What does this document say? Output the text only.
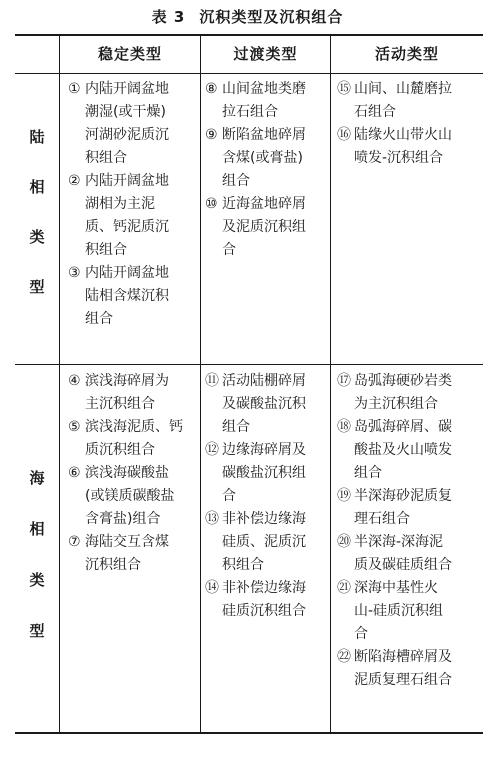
表 3 沉积类型及沉积组合
稳定类型	过渡类型	活动类型
陆
相
类
型
海
相
类
型
① 内陆开阔盆地
潮湿(或干燥)
河湖砂泥质沉
积组合
② 内陆开阔盆地
湖相为主泥
质、钙泥质沉
积组合
③ 内陆开阔盆地
陆相含煤沉积
组合
⑧ 山间盆地类磨
拉石组合
⑨ 断陷盆地碎屑
含煤(或膏盐)
组合
⑩ 近海盆地碎屑
及泥质沉积组
合
⑮ 山间、山麓磨拉
石组合
⑯ 陆缘火山带火山
喷发-沉积组合
④ 滨浅海碎屑为
主沉积组合
⑤ 滨浅海泥质、钙
质沉积组合
⑥ 滨浅海碳酸盐
(或镁质碳酸盐
含膏盐)组合
⑦ 海陆交互含煤
沉积组合
⑪ 活动陆棚碎屑
及碳酸盐沉积
组合
⑫ 边缘海碎屑及
碳酸盐沉积组
合
⑬ 非补偿边缘海
硅质、泥质沉
积组合
⑭ 非补偿边缘海
硅质沉积组合
⑰ 岛弧海硬砂岩类
为主沉积组合
⑱ 岛弧海碎屑、碳
酸盐及火山喷发
组合
⑲ 半深海砂泥质复
理石组合
⑳ 半深海-深海泥
质及碳硅质组合
㉑ 深海中基性火
山-硅质沉积组
合
㉒ 断陷海槽碎屑及
泥质复理石组合
